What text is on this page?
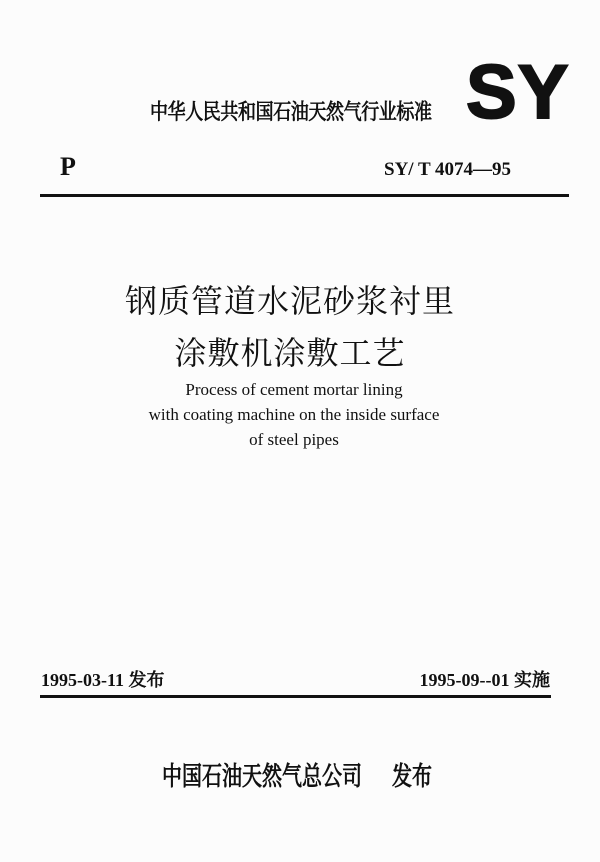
中华人民共和国石油天然气行业标准 SY
P	SY/ T 4074—95
钢质管道水泥砂浆衬里
涂敷机涂敷工艺
Process of cement mortar lining
with coating machine on the inside surface
of steel pipes
1995-03-11 发布	1995-09--01 实施
中国石油天然气总公司 发布
